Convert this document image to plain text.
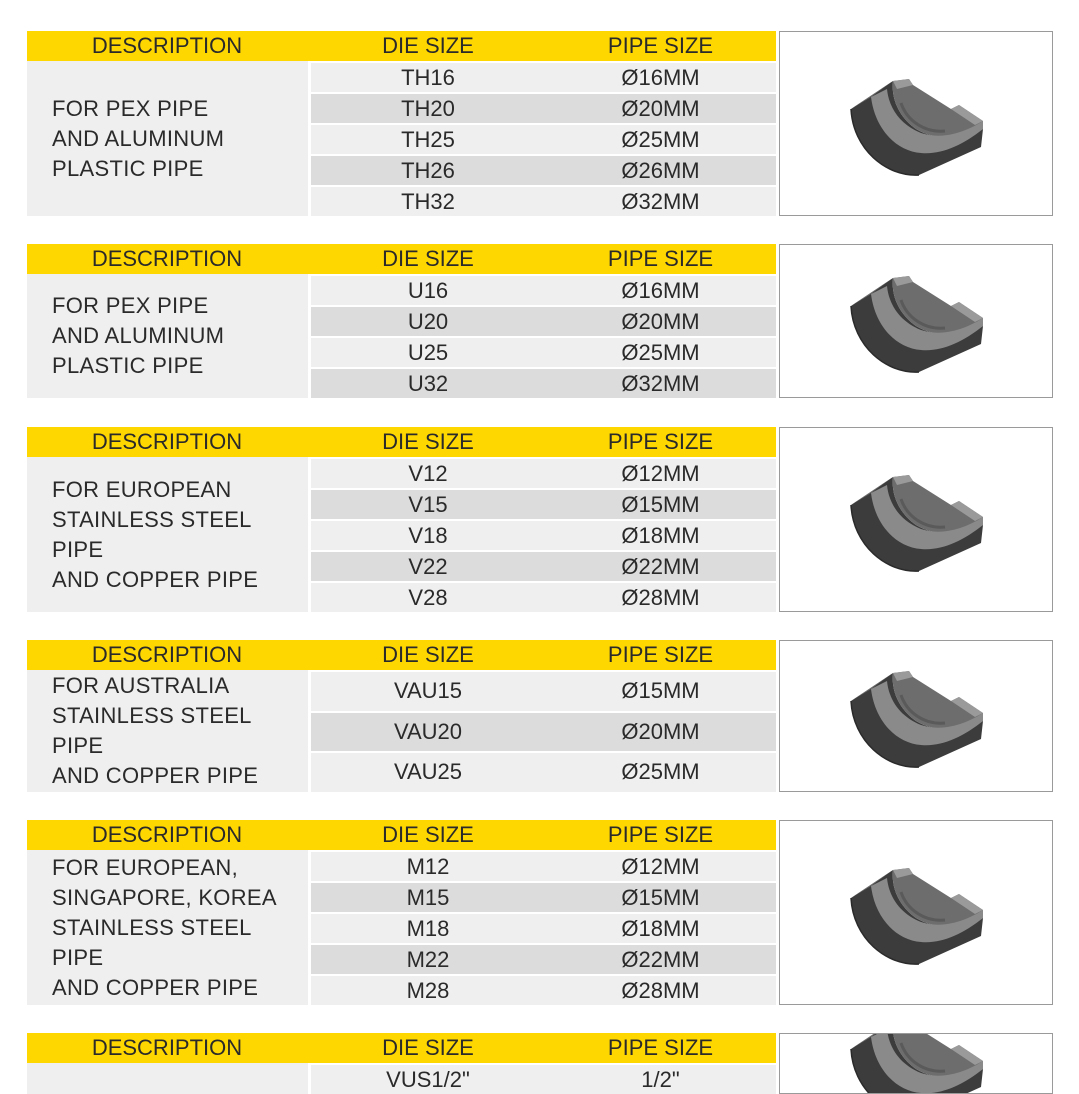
DESCRIPTION	DIE SIZE	PIPE SIZE
FOR PEX PIPE
AND ALUMINUM
PLASTIC PIPE
TH16	Ø16MM
TH20	Ø20MM
TH25	Ø25MM
TH26	Ø26MM
TH32	Ø32MM
DESCRIPTION	DIE SIZE	PIPE SIZE
FOR PEX PIPE
AND ALUMINUM
PLASTIC PIPE
U16	Ø16MM
U20	Ø20MM
U25	Ø25MM
U32	Ø32MM
DESCRIPTION	DIE SIZE	PIPE SIZE
FOR EUROPEAN
STAINLESS STEEL PIPE
AND COPPER PIPE
V12	Ø12MM
V15	Ø15MM
V18	Ø18MM
V22	Ø22MM
V28	Ø28MM
DESCRIPTION	DIE SIZE	PIPE SIZE
FOR AUSTRALIA
STAINLESS STEEL PIPE
AND COPPER PIPE
VAU15	Ø15MM
VAU20	Ø20MM
VAU25	Ø25MM
DESCRIPTION	DIE SIZE	PIPE SIZE
FOR EUROPEAN,
SINGAPORE, KOREA
STAINLESS STEEL PIPE
AND COPPER PIPE
M12	Ø12MM
M15	Ø15MM
M18	Ø18MM
M22	Ø22MM
M28	Ø28MM
DESCRIPTION	DIE SIZE	PIPE SIZE
VUS1/2"	1/2"
